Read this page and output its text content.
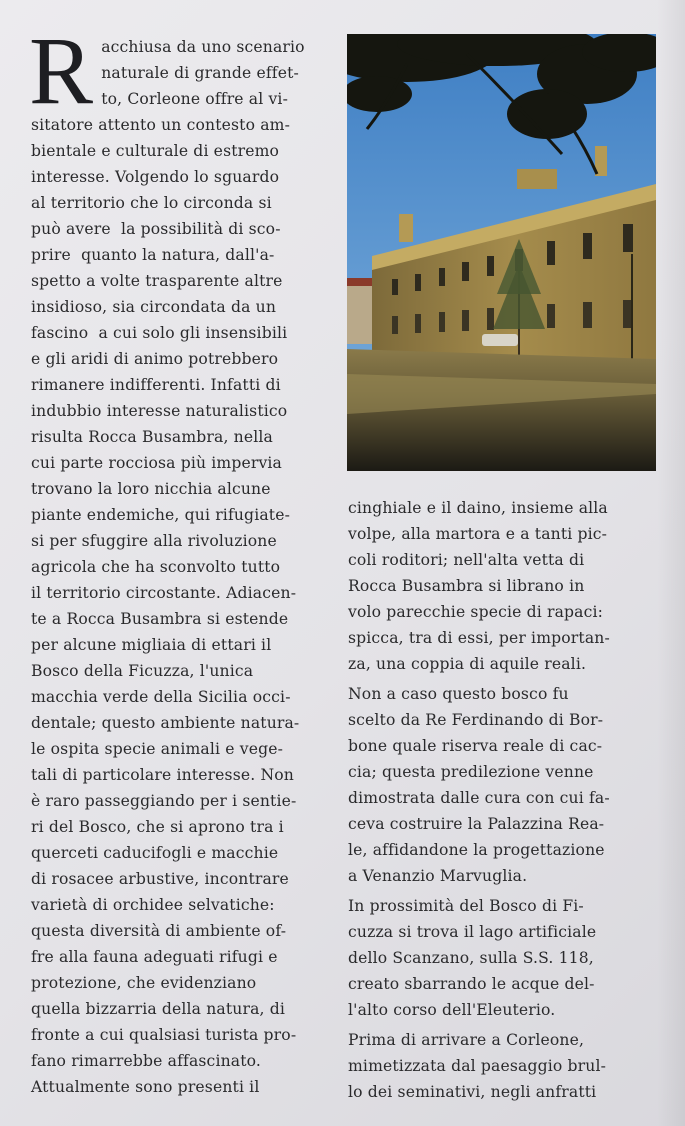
R acchiusa da uno scenario
naturale di grande effet-
to, Corleone offre al vi-
sitatore attento un contesto am-
bientale e culturale di estremo
interesse. Volgendo lo sguardo
al territorio che lo circonda si
può avere  la possibilità di sco-
prire  quanto la natura, dall'a-
spetto a volte trasparente altre
insidioso, sia circondata da un
fascino  a cui solo gli insensibili
e gli aridi di animo potrebbero
rimanere indifferenti. Infatti di
indubbio interesse naturalistico
risulta Rocca Busambra, nella
cui parte rocciosa più impervia
trovano la loro nicchia alcune
piante endemiche, qui rifugiate-
si per sfuggire alla rivoluzione
agricola che ha sconvolto tutto
il territorio circostante. Adiacen-
te a Rocca Busambra si estende
per alcune migliaia di ettari il
Bosco della Ficuzza, l'unica
macchia verde della Sicilia occi-
dentale; questo ambiente natura-
le ospita specie animali e vege-
tali di particolare interesse. Non
è raro passeggiando per i sentie-
ri del Bosco, che si aprono tra i
querceti caducifogli e macchie
di rosacee arbustive, incontrare
varietà di orchidee selvatiche:
questa diversità di ambiente of-
fre alla fauna adeguati rifugi e
protezione, che evidenziano
quella bizzarria della natura, di
fronte a cui qualsiasi turista pro-
fano rimarrebbe affascinato.
Attualmente sono presenti il
cinghiale e il daino, insieme alla
volpe, alla martora e a tanti pic-
coli roditori; nell'alta vetta di
Rocca Busambra si librano in
volo parecchie specie di rapaci:
spicca, tra di essi, per importan-
za, una coppia di aquile reali.
Non a caso questo bosco fu
scelto da Re Ferdinando di Bor-
bone quale riserva reale di cac-
cia; questa predilezione venne
dimostrata dalle cura con cui fa-
ceva costruire la Palazzina Rea-
le, affidandone la progettazione
a Venanzio Marvuglia.
In prossimità del Bosco di Fi-
cuzza si trova il lago artificiale
dello Scanzano, sulla S.S. 118,
creato sbarrando le acque del-
l'alto corso dell'Eleuterio.
Prima di arrivare a Corleone,
mimetizzata dal paesaggio brul-
lo dei seminativi, negli anfratti
